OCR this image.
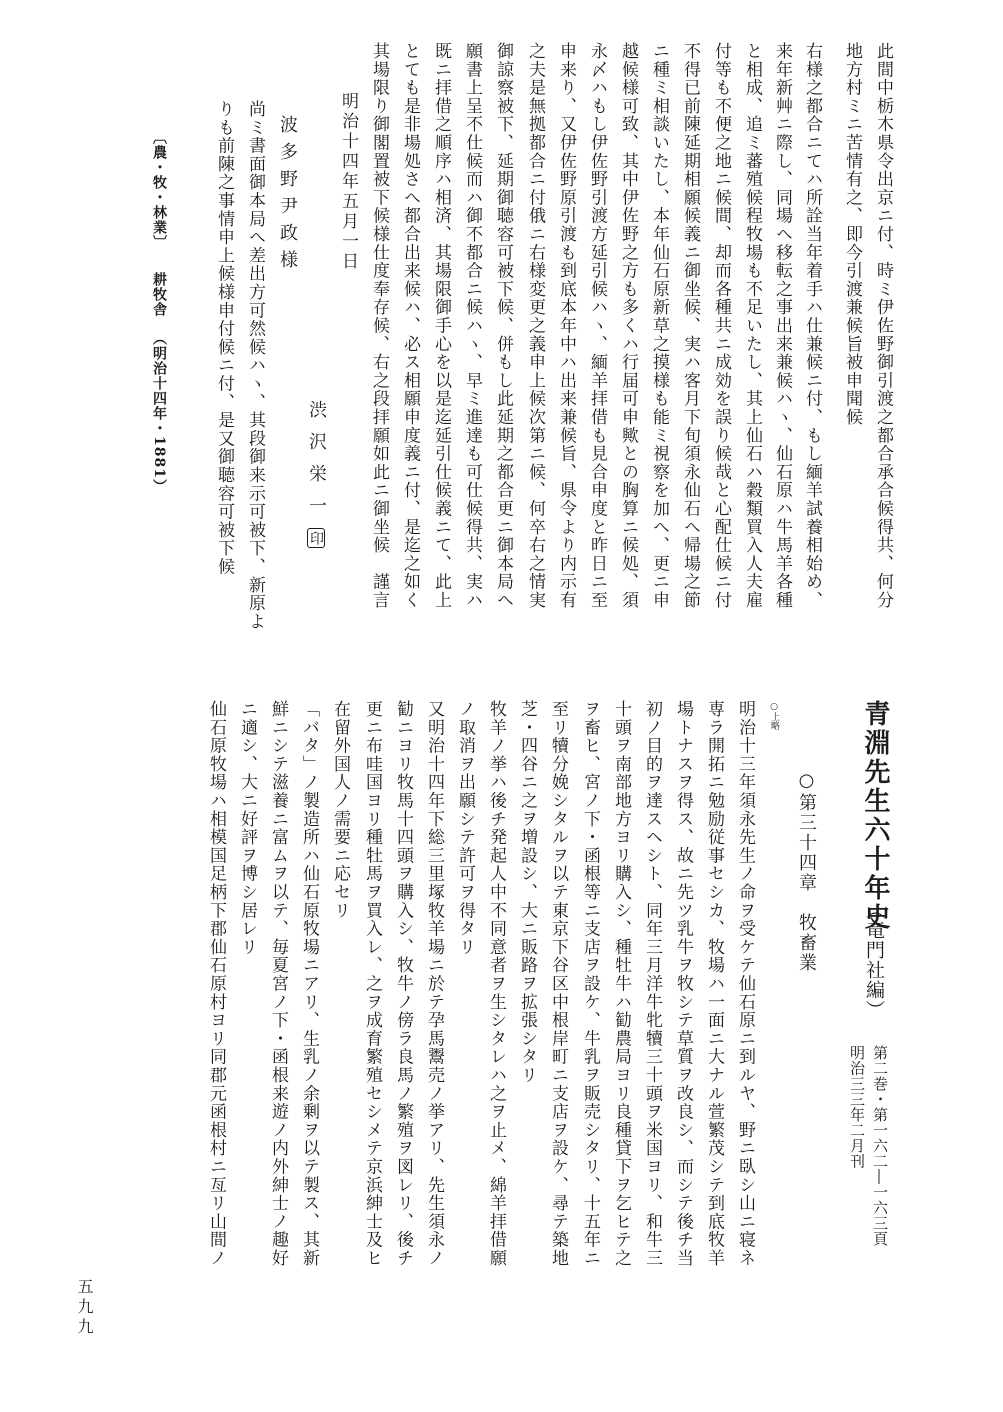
此間中栃木県令出京ニ付、時ミ伊佐野御引渡之都合承合候得共、何分
地方村ミニ苦情有之、即今引渡兼候旨被申聞候
右様之都合ニてハ所詮当年着手ハ仕兼候ニ付、もし緬羊試養相始め、
来年新艸ニ際し、同場へ移転之事出来兼候ハヽ、仙石原ハ牛馬羊各種
と相成、追ミ蕃殖候程牧場も不足いたし、其上仙石ハ穀類買入人夫雇
付等も不便之地ニ候間、却而各種共ニ成効を誤り候哉と心配仕候ニ付
不得已前陳延期相願候義ニ御坐候、実ハ客月下旬須永仙石へ帰場之節
ニ種ミ相談いたし、本年仙石原新草之摸様も能ミ視察を加へ、更ニ申
越候様可致、其中伊佐野之方も多くハ行届可申歟との胸算ニ候処、須
永〆ハもし伊佐野引渡方延引候ハヽ、緬羊拝借も見合申度と昨日ニ至
申来り、又伊佐野原引渡も到底本年中ハ出来兼候旨、県令より内示有
之夫是無拠都合ニ付俄ニ右様変更之義申上候次第ニ候、何卒右之情実
御諒察被下、延期御聴容可被下候、併もし此延期之都合更ニ御本局へ
願書上呈不仕候而ハ御不都合ニ候ハヽ、早ミ進達も可仕候得共、実ハ
既ニ拝借之順序ハ相済、其場限御手心を以是迄延引仕候義ニて、此上
とても是非場処さへ都合出来候ハ、必ス相願申度義ニ付、是迄之如く
其場限り御閣置被下候様仕度奉存候、右之段拝願如此ニ御坐候　謹言
明治十四年五月一日
渋沢栄一印
波多野尹政様
尚ミ書面御本局へ差出方可然候ハヽ、其段御来示可被下、新原よ
りも前陳之事情申上候様申付候ニ付、是又御聴容可被下候
〔農・牧・林業〕耕牧舎（明治十四年・1881）
青淵先生六十年史
（竜門社編）
第二巻・第一六二―一六三頁
明治三三年二月刊
○第三十四章　牧畜業
○上略
明治十三年須永先生ノ命ヲ受ケテ仙石原ニ到ルヤ、野ニ臥シ山ニ寝ネ
専ラ開拓ニ勉励従事セシカ、牧場ハ一面ニ大ナル萱繁茂シテ到底牧羊
場トナスヲ得ス、故ニ先ツ乳牛ヲ牧シテ草質ヲ改良シ、而シテ後チ当
初ノ目的ヲ達スヘシト、同年三月洋牛牝犢三十頭ヲ米国ヨリ、和牛三
十頭ヲ南部地方ヨリ購入シ、種牡牛ハ勧農局ヨリ良種貸下ヲ乞ヒテ之
ヲ畜ヒ、宮ノ下・函根等ニ支店ヲ設ケ、牛乳ヲ販売シタリ、十五年ニ
至リ犢分娩シタルヲ以テ東京下谷区中根岸町ニ支店ヲ設ケ、尋テ築地
芝・四谷ニ之ヲ増設シ、大ニ販路ヲ拡張シタリ
牧羊ノ挙ハ後チ発起人中不同意者ヲ生シタレハ之ヲ止メ、綿羊拝借願
ノ取消ヲ出願シテ許可ヲ得タリ
又明治十四年下総三里塚牧羊場ニ於テ孕馬鬻売ノ挙アリ、先生須永ノ
勧ニヨリ牧馬十四頭ヲ購入シ、牧牛ノ傍ラ良馬ノ繁殖ヲ図レリ、後チ
更ニ布哇国ヨリ種牡馬ヲ買入レ、之ヲ成育繁殖セシメテ京浜紳士及ヒ
在留外国人ノ需要ニ応セリ
「バタ」ノ製造所ハ仙石原牧場ニアリ、生乳ノ余剰ヲ以テ製ス、其新
鮮ニシテ滋養ニ富ムヲ以テ、毎夏宮ノ下・函根来遊ノ内外紳士ノ趣好
ニ適シ、大ニ好評ヲ博シ居レリ
仙石原牧場ハ相模国足柄下郡仙石原村ヨリ同郡元函根村ニ亙リ山間ノ
五九九
